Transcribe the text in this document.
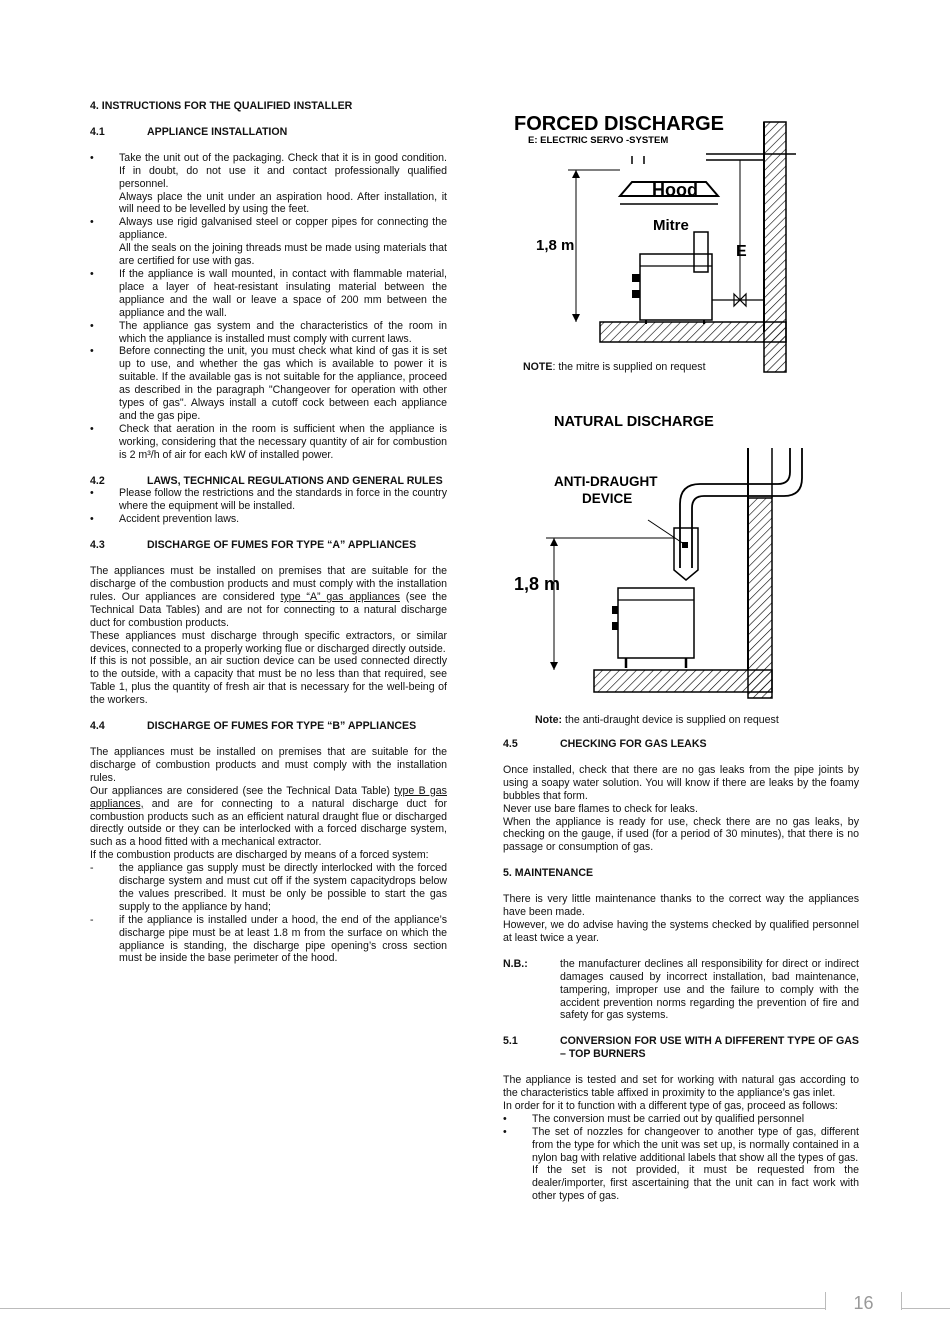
4. INSTRUCTIONS FOR THE QUALIFIED INSTALLER
4.1	APPLIANCE INSTALLATION
•	Take the unit out of the packaging. Check that it is in good condition. If in doubt, do not use it and contact professionally qualified personnel.
Always place the unit under an aspiration hood. After installation, it will need to be levelled by using the feet.
•	Always use rigid galvanised steel or copper pipes for connecting the appliance.
All the seals on the joining threads must be made using materials that are certified for use with gas.
•	If the appliance is wall mounted, in contact with flammable material, place a layer of heat-resistant insulating material between the appliance and the wall or leave a space of 200 mm between the appliance and the wall.
•	The appliance gas system and the characteristics of the room in which the appliance is installed must comply with current laws.
•	Before connecting the unit, you must check what kind of gas it is set up to use, and whether the gas which is available to power it is suitable. If the available gas is not suitable for the appliance, proceed as described in the paragraph "Changeover for operation with other types of gas". Always install a cutoff cock between each appliance and the gas pipe.
•	Check that aeration in the room is sufficient when the appliance is working, considering that the necessary quantity of air for combustion is 2 m³/h of air for each kW of installed power.
4.2	LAWS, TECHNICAL REGULATIONS AND GENERAL RULES
•	Please follow the restrictions and the standards in force in the country where the equipment will be installed.
•	Accident prevention laws.
4.3	DISCHARGE OF FUMES FOR TYPE “A” APPLIANCES

The appliances must be installed on premises that are suitable for the discharge of the combustion products and must comply with the installation rules. Our appliances are considered type “A” gas appliances (see the Technical Data Tables) and are not for connecting to a natural discharge duct for combustion products.

These appliances must discharge through specific extractors, or similar devices, connected to a properly working flue or discharged directly outside.

If this is not possible, an air suction device can be used connected directly to the outside, with a capacity that must be no less than that required, see Table 1, plus the quantity of fresh air that is necessary for the well-being of the workers.

4.4	DISCHARGE OF FUMES FOR TYPE “B” APPLIANCES

The appliances must be installed on premises that are suitable for the discharge of combustion products and must comply with the installation rules.

Our appliances are considered (see the Technical Data Table) type B gas appliances, and are for connecting to a natural discharge duct for combustion products such as an efficient natural draught flue or discharged directly outside or they can be interlocked with a forced discharge system, such as a hood fitted with a mechanical extractor.

If the combustion products are discharged by means of a forced system:

-	the appliance gas supply must be directly interlocked with the forced discharge system and must cut off if the system capacitydrops below the values prescribed. It must be only be possible to start the gas supply to the appliance by hand;
-	if the appliance is installed under a hood, the end of the appliance’s discharge pipe must be at least 1.8 m from the surface on which the appliance is standing, the discharge pipe opening’s cross section must be inside the base perimeter of the hood.
FORCED DISCHARGE
E: ELECTRIC SERVO -SYSTEM
Hood
Mitre
1,8 m	E
NOTE: the mitre is supplied on request
NATURAL DISCHARGE
ANTI-DRAUGHT
DEVICE
1,8 m
Note: the anti-draught device is supplied on request
4.5	CHECKING FOR GAS LEAKS

Once installed, check that there are no gas leaks from the pipe joints by using a soapy water solution. You will know if there are leaks by the foamy bubbles that form.

Never use bare flames to check for leaks.

When the appliance is ready for use, check there are no gas leaks, by checking on the gauge, if used (for a period of 30 minutes), that there is no passage or consumption of gas.

5. MAINTENANCE

There is very little maintenance thanks to the correct way the appliances have been made.

However, we do advise having the systems checked by qualified personnel at least twice a year.

N.B.:	the manufacturer declines all responsibility for direct or indirect damages caused by incorrect installation, bad maintenance, tampering, improper use and the failure to comply with the accident prevention norms regarding the prevention of fire and safety for gas systems.
5.1	CONVERSION FOR USE WITH A DIFFERENT TYPE OF GAS – TOP BURNERS

The appliance is tested and set for working with natural gas according to the characteristics table affixed in proximity to the appliance’s gas inlet.

In order for it to function with a different type of gas, proceed as follows:

•	The conversion must be carried out by qualified personnel
•	The set of nozzles for changeover to another type of gas, different from the type for which the unit was set up, is normally contained in a nylon bag with relative additional labels that show all the types of gas.
If the set is not provided, it must be requested from the dealer/importer, first ascertaining that the unit can in fact work with other types of gas.
16
